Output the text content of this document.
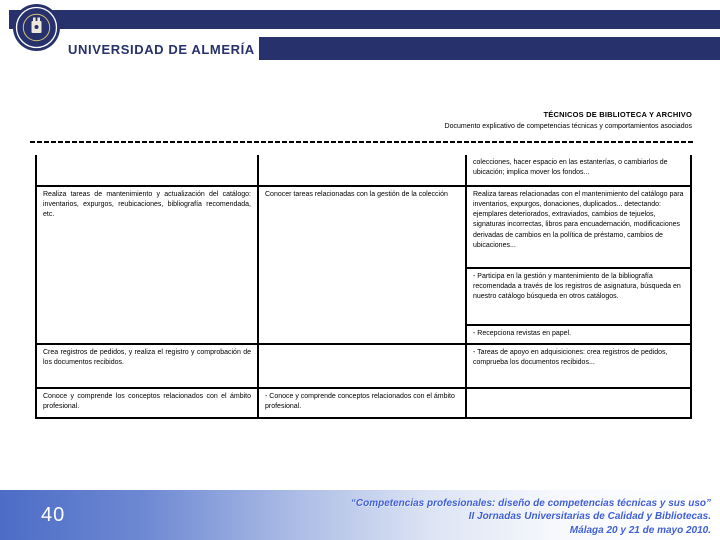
UNIVERSIDAD DE ALMERÍA
TÉCNICOS DE BIBLIOTECA Y ARCHIVO
Documento explicativo de competencias técnicas y comportamientos asociados
		colecciones, hacer espacio en las estanterías, o cambiarlos de ubicación; implica mover los fondos...
Realiza tareas de mantenimiento y actualización del catálogo: inventarios, expurgos, reubicaciones, bibliografía recomendada, etc.	Conocer tareas relacionadas con la gestión de la colección	Realiza tareas relacionadas con el mantenimiento del catálogo para inventarios, expurgos, donaciones, duplicados... detectando: ejemplares deteriorados, extraviados, cambios de tejuelos, signaturas incorrectas, libros para encuadernación, modificaciones derivadas de cambios en la política de préstamo, cambios de ubicaciones...
		- Participa en la gestión y mantenimiento de la bibliografía recomendada a través de los registros de asignatura, búsqueda en nuestro catálogo búsqueda en otros catálogos.
		- Recepciona revistas en papel.
Crea registros de pedidos, y realiza el registro y comprobación de los documentos recibidos.		- Tareas de apoyo en adquisiciones: crea registros de pedidos, comprueba los documentos recibidos...
Conoce y comprende los conceptos relacionados con el ámbito profesional.	- Conoce y comprende conceptos relacionados con el ámbito profesional.	
40
“Competencias profesionales: diseño de competencias técnicas y sus uso”
II Jornadas Universitarias de Calidad y Bibliotecas.
Málaga 20 y 21 de mayo 2010.
